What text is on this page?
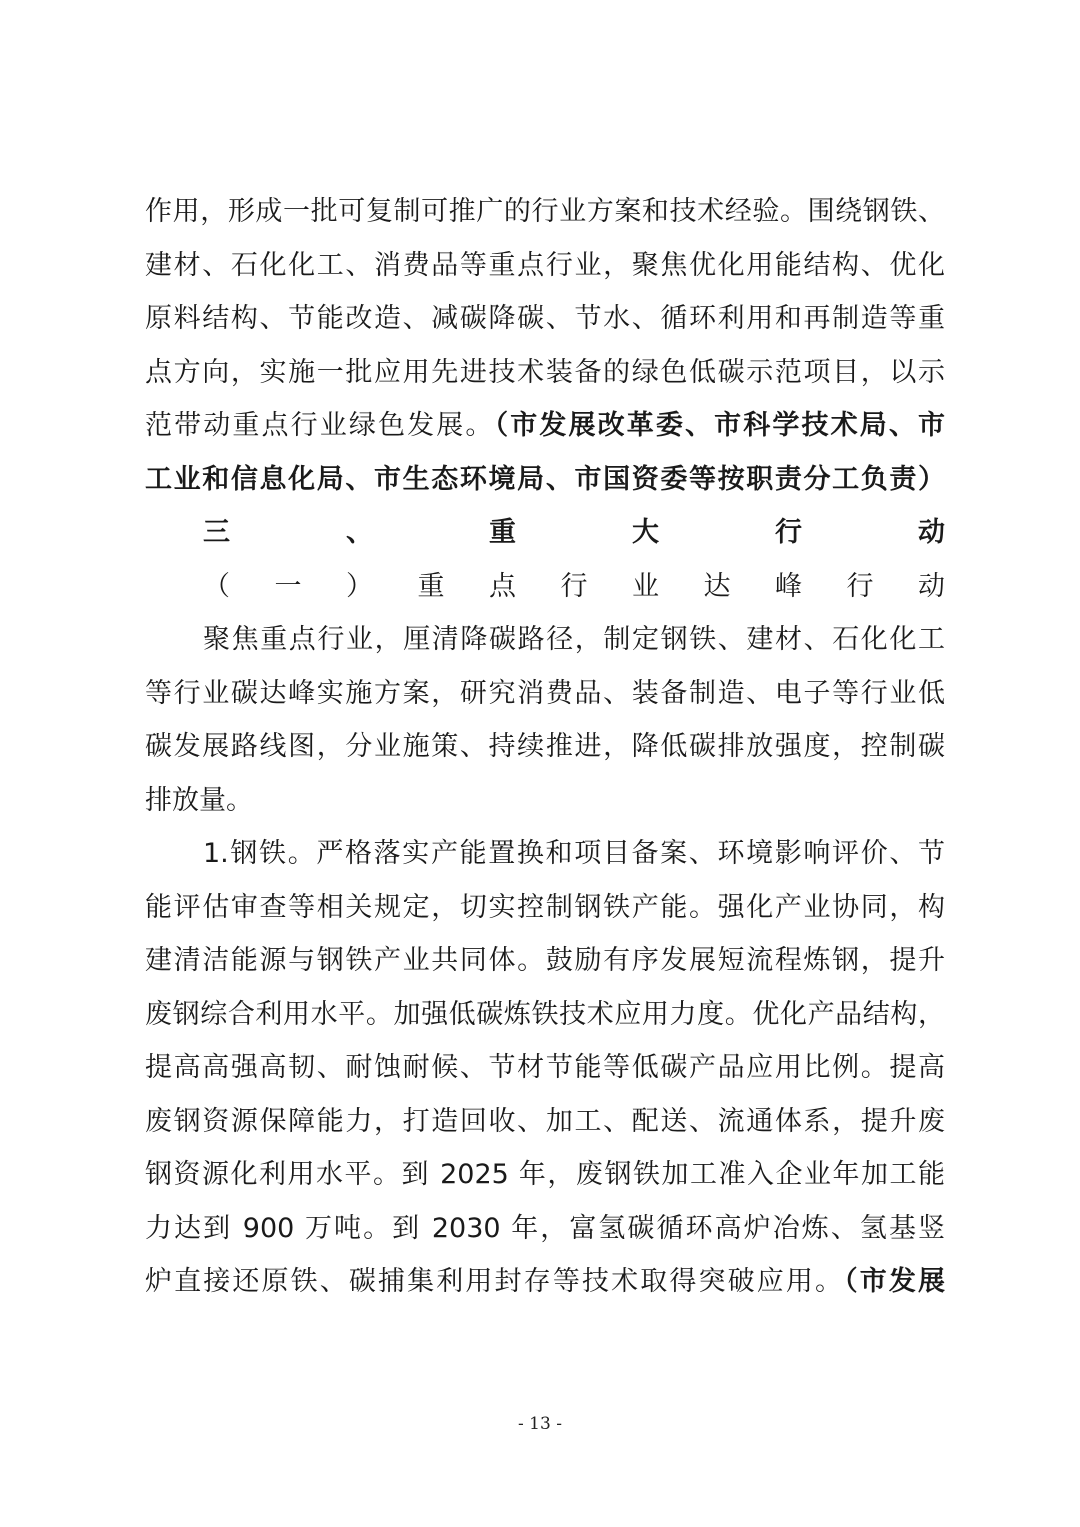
作用，形成一批可复制可推广的行业方案和技术经验。围绕钢铁、
建材、石化化工、消费品等重点行业，聚焦优化用能结构、优化
原料结构、节能改造、减碳降碳、节水、循环利用和再制造等重
点方向，实施一批应用先进技术装备的绿色低碳示范项目，以示
范带动重点行业绿色发展。（市发展改革委、市科学技术局、市
工业和信息化局、市生态环境局、市国资委等按职责分工负责）
三、重大行动
（一）重点行业达峰行动
聚焦重点行业，厘清降碳路径，制定钢铁、建材、石化化工
等行业碳达峰实施方案，研究消费品、装备制造、电子等行业低
碳发展路线图，分业施策、持续推进，降低碳排放强度，控制碳
排放量。
1.钢铁。严格落实产能置换和项目备案、环境影响评价、节
能评估审查等相关规定，切实控制钢铁产能。强化产业协同，构
建清洁能源与钢铁产业共同体。鼓励有序发展短流程炼钢，提升
废钢综合利用水平。加强低碳炼铁技术应用力度。优化产品结构，
提高高强高韧、耐蚀耐候、节材节能等低碳产品应用比例。提高
废钢资源保障能力，打造回收、加工、配送、流通体系，提升废
钢资源化利用水平。到 2025 年，废钢铁加工准入企业年加工能
力达到 900 万吨。到 2030 年，富氢碳循环高炉冶炼、氢基竖
炉直接还原铁、碳捕集利用封存等技术取得突破应用。（市发展
- 13 -
